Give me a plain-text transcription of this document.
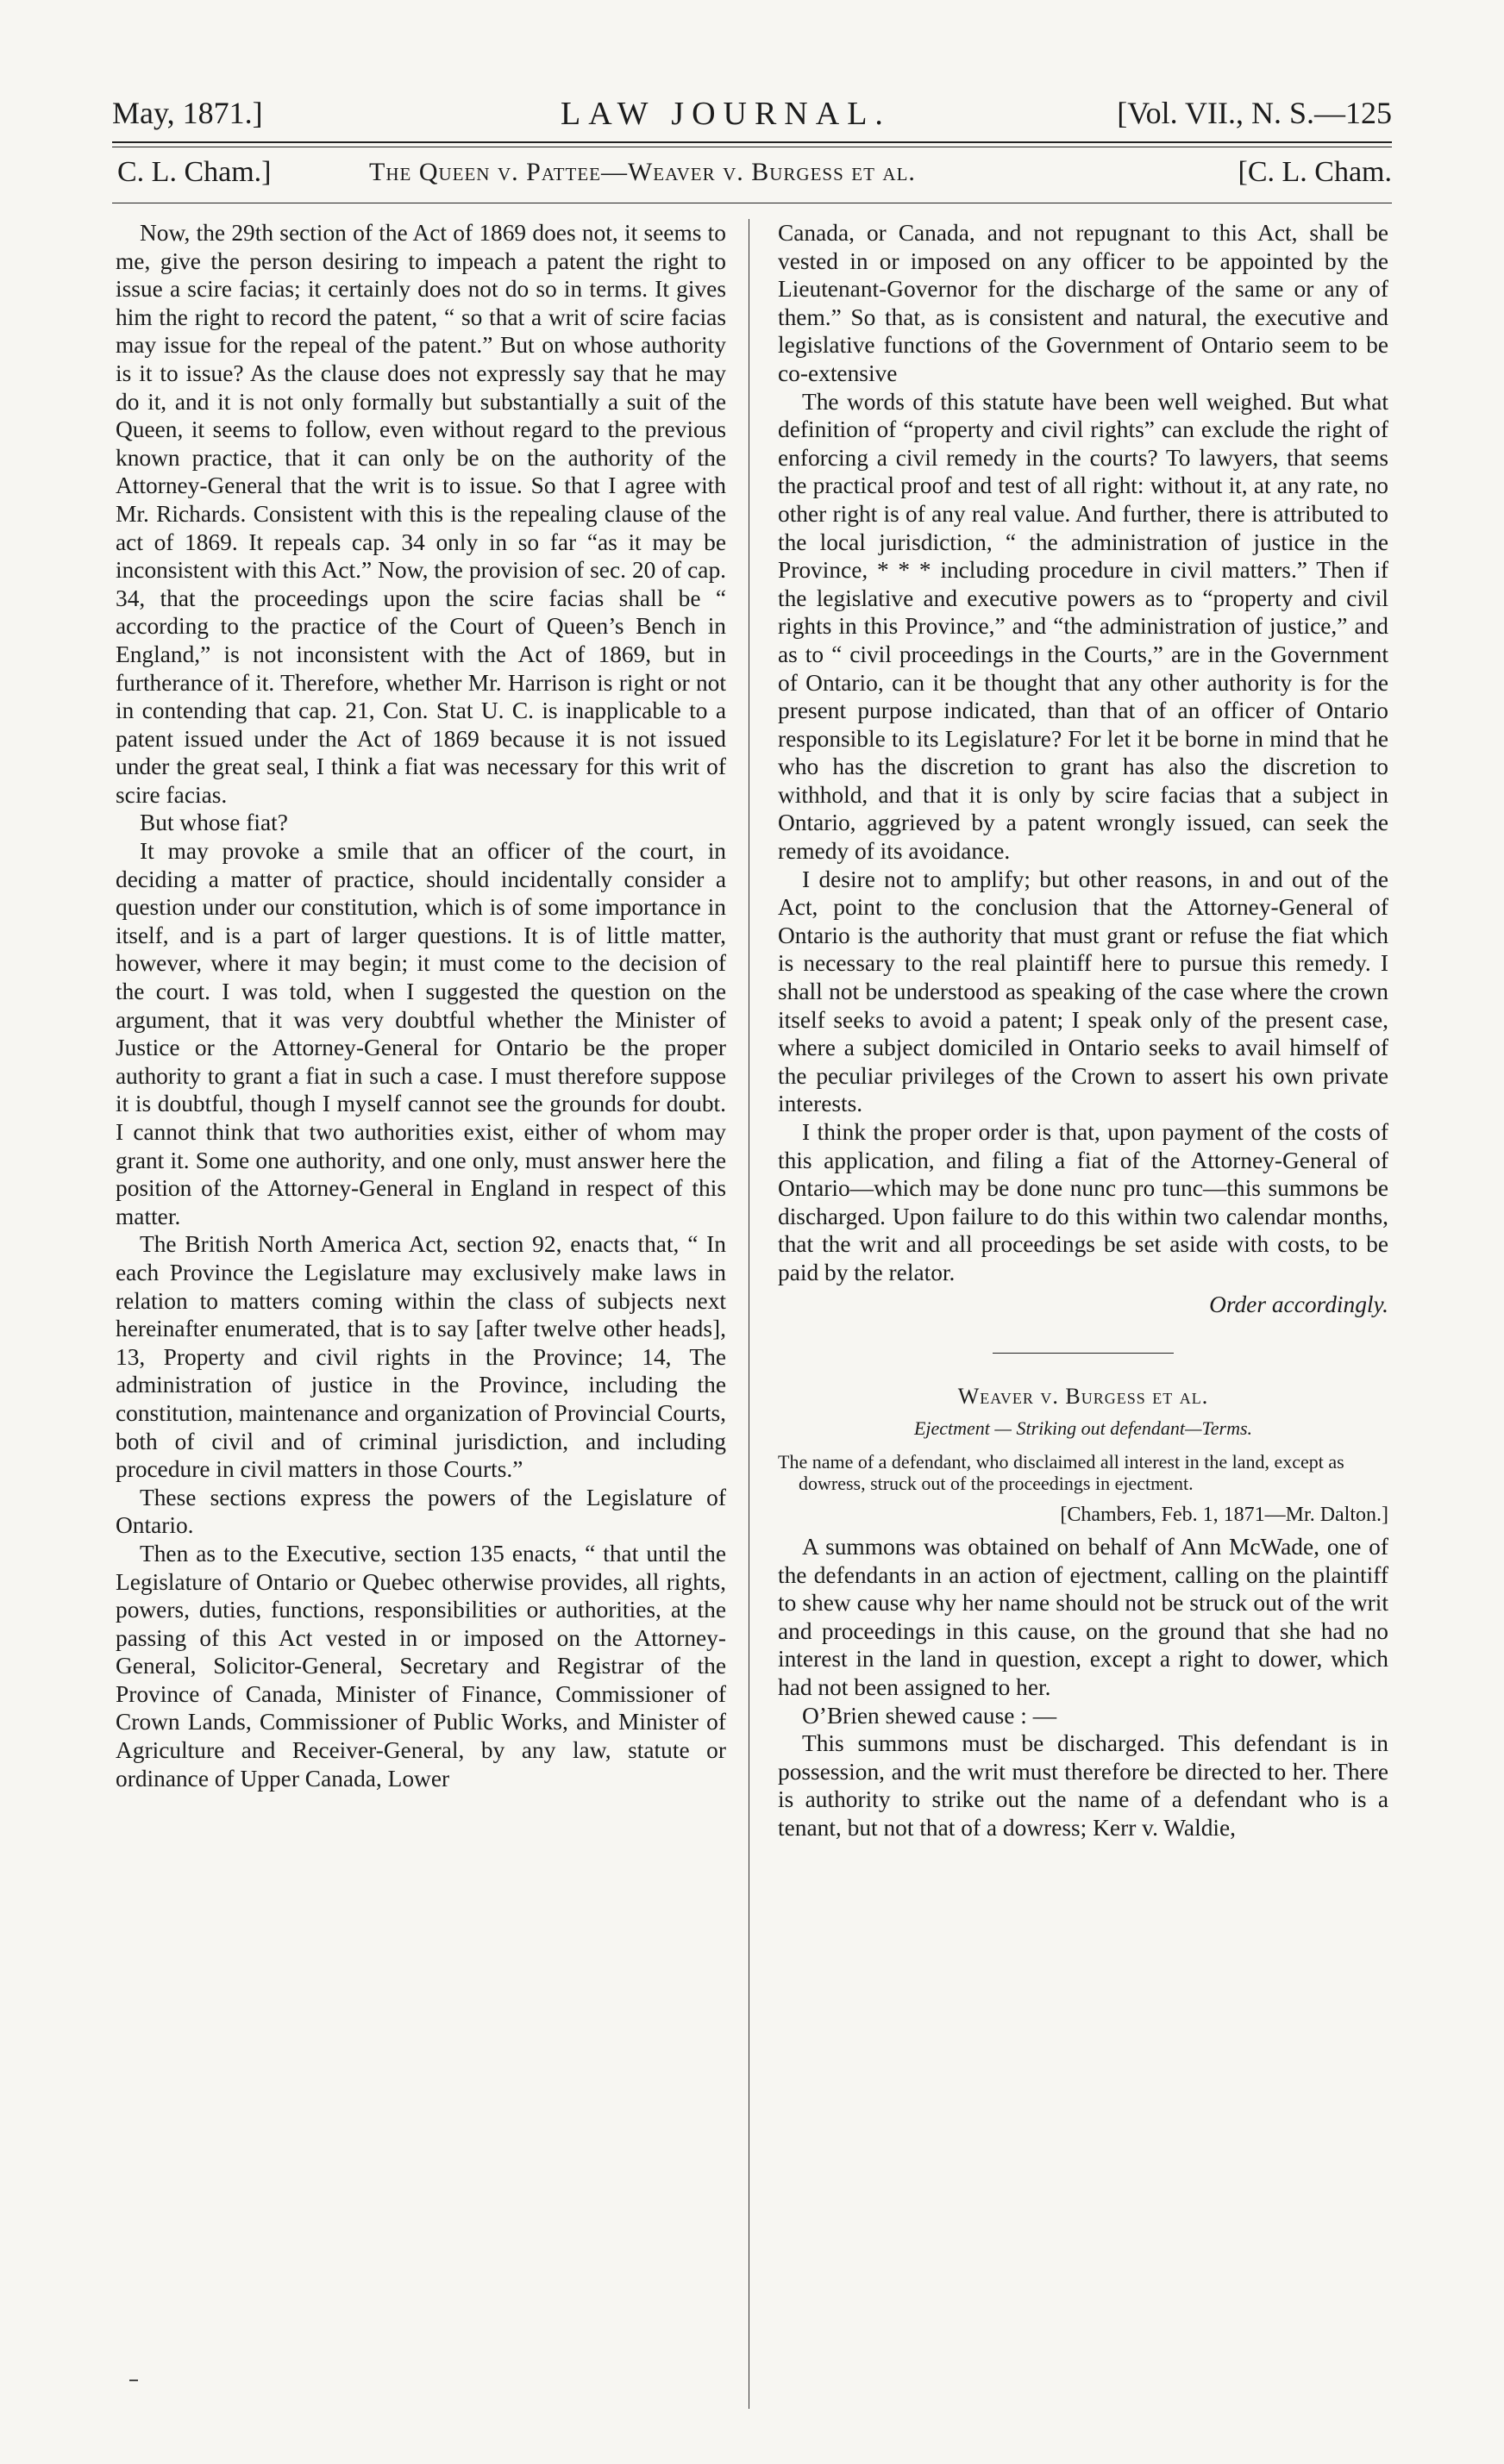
May, 1871.]	LAW JOURNAL.	[Vol. VII., N. S.—125
C. L. Cham.]	The Queen v. Pattee—Weaver v. Burgess et al.	[C. L. Cham.

Now, the 29th section of the Act of 1869 does not, it seems to me, give the person desiring to impeach a patent the right to issue a scire facias; it certainly does not do so in terms. It gives him the right to record the patent, “ so that a writ of scire facias may issue for the repeal of the patent.” But on whose authority is it to issue? As the clause does not expressly say that he may do it, and it is not only formally but substantially a suit of the Queen, it seems to follow, even without regard to the previous known practice, that it can only be on the authority of the Attorney-General that the writ is to issue. So that I agree with Mr. Richards. Consistent with this is the repealing clause of the act of 1869. It repeals cap. 34 only in so far “as it may be inconsistent with this Act.” Now, the provision of sec. 20 of cap. 34, that the proceedings upon the scire facias shall be “ according to the practice of the Court of Queen’s Bench in England,” is not inconsistent with the Act of 1869, but in furtherance of it. Therefore, whether Mr. Harrison is right or not in contending that cap. 21, Con. Stat U. C. is inapplicable to a patent issued under the Act of 1869 because it is not issued under the great seal, I think a fiat was necessary for this writ of scire facias.

But whose fiat?

It may provoke a smile that an officer of the court, in deciding a matter of practice, should incidentally consider a question under our constitution, which is of some importance in itself, and is a part of larger questions. It is of little matter, however, where it may begin; it must come to the decision of the court. I was told, when I suggested the question on the argument, that it was very doubtful whether the Minister of Justice or the Attorney-General for Ontario be the proper authority to grant a fiat in such a case. I must therefore suppose it is doubtful, though I myself cannot see the grounds for doubt. I cannot think that two authorities exist, either of whom may grant it. Some one authority, and one only, must answer here the position of the Attorney-General in England in respect of this matter.

The British North America Act, section 92, enacts that, “ In each Province the Legislature may exclusively make laws in relation to matters coming within the class of subjects next hereinafter enumerated, that is to say [after twelve other heads], 13, Property and civil rights in the Province; 14, The administration of justice in the Province, including the constitution, maintenance and organization of Provincial Courts, both of civil and of criminal jurisdiction, and including procedure in civil matters in those Courts.”

These sections express the powers of the Legislature of Ontario.

Then as to the Executive, section 135 enacts, “ that until the Legislature of Ontario or Quebec otherwise provides, all rights, powers, duties, functions, responsibilities or authorities, at the passing of this Act vested in or imposed on the Attorney-General, Solicitor-General, Secretary and Registrar of the Province of Canada, Minister of Finance, Commissioner of Crown Lands, Commissioner of Public Works, and Minister of Agriculture and Receiver-General, by any law, statute or ordinance of Upper Canada, Lower

Canada, or Canada, and not repugnant to this Act, shall be vested in or imposed on any officer to be appointed by the Lieutenant-Governor for the discharge of the same or any of them.” So that, as is consistent and natural, the executive and legislative functions of the Government of Ontario seem to be co-extensive

The words of this statute have been well weighed. But what definition of “property and civil rights” can exclude the right of enforcing a civil remedy in the courts? To lawyers, that seems the practical proof and test of all right: without it, at any rate, no other right is of any real value. And further, there is attributed to the local jurisdiction, “ the administration of justice in the Province, * * * including procedure in civil matters.” Then if the legislative and executive powers as to “property and civil rights in this Province,” and “the administration of justice,” and as to “ civil proceedings in the Courts,” are in the Government of Ontario, can it be thought that any other authority is for the present purpose indicated, than that of an officer of Ontario responsible to its Legislature? For let it be borne in mind that he who has the discretion to grant has also the discretion to withhold, and that it is only by scire facias that a subject in Ontario, aggrieved by a patent wrongly issued, can seek the remedy of its avoidance.

I desire not to amplify; but other reasons, in and out of the Act, point to the conclusion that the Attorney-General of Ontario is the authority that must grant or refuse the fiat which is necessary to the real plaintiff here to pursue this remedy. I shall not be understood as speaking of the case where the crown itself seeks to avoid a patent; I speak only of the present case, where a subject domiciled in Ontario seeks to avail himself of the peculiar privileges of the Crown to assert his own private interests.

I think the proper order is that, upon payment of the costs of this application, and filing a fiat of the Attorney-General of Ontario—which may be done nunc pro tunc—this summons be discharged. Upon failure to do this within two calendar months, that the writ and all proceedings be set aside with costs, to be paid by the relator.

Order accordingly.
Weaver v. Burgess et al.
Ejectment — Striking out defendant—Terms.
The name of a defendant, who disclaimed all interest in the land, except as dowress, struck out of the proceedings in ejectment.
[Chambers, Feb. 1, 1871—Mr. Dalton.]

A summons was obtained on behalf of Ann McWade, one of the defendants in an action of ejectment, calling on the plaintiff to shew cause why her name should not be struck out of the writ and proceedings in this cause, on the ground that she had no interest in the land in question, except a right to dower, which had not been assigned to her.

O’Brien shewed cause : —

This summons must be discharged. This defendant is in possession, and the writ must therefore be directed to her. There is authority to strike out the name of a defendant who is a tenant, but not that of a dowress; Kerr v. Waldie,
